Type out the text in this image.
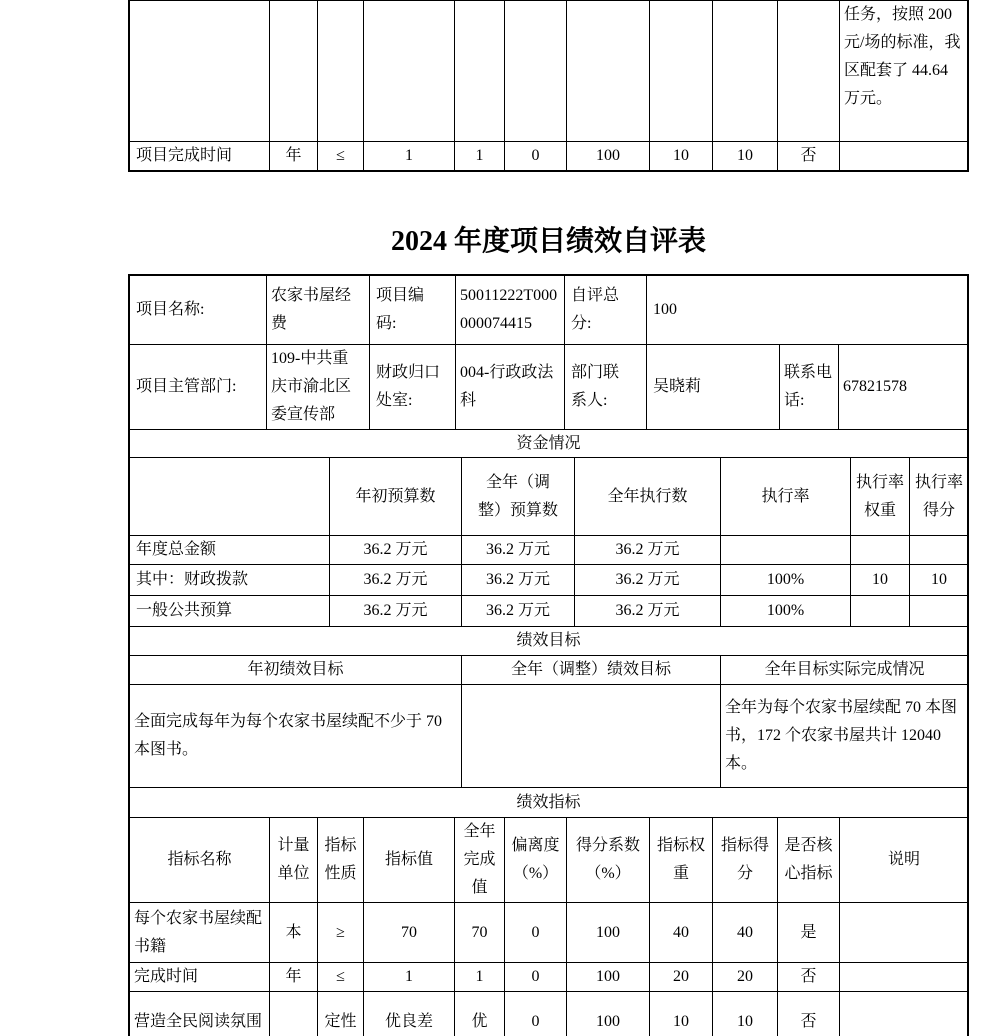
										任务，按照 200 元/场的标准，我区配套了 44.64 万元。
项目完成时间	年	≤	1	1	0	100	10	10	否	
2024 年度项目绩效自评表
项目名称:	农家书屋经费	项目编码:	50011222T000000074415	自评总分:	100		
项目主管部门:	109-中共重庆市渝北区委宣传部	财政归口处室:	004-行政政法科	部门联系人:	吴晓莉	联系电话:	67821578
资金情况
	年初预算数	全年（调整）预算数	全年执行数	执行率	执行率权重	执行率得分
年度总金额	36.2 万元	36.2 万元	36.2 万元			
其中：财政拨款	36.2 万元	36.2 万元	36.2 万元	100%	10	10
一般公共预算	36.2 万元	36.2 万元	36.2 万元	100%		
绩效目标
年初绩效目标	全年（调整）绩效目标	全年目标实际完成情况
全面完成每年为每个农家书屋续配不少于 70 本图书。		全年为每个农家书屋续配 70 本图书，172 个农家书屋共计 12040 本。
绩效指标
指标名称	计量单位	指标性质	指标值	全年完成值	偏离度（%）	得分系数（%）	指标权重	指标得分	是否核心指标	说明
每个农家书屋续配书籍	本	≥	70	70	0	100	40	40	是	
完成时间	年	≤	1	1	0	100	20	20	否	
营造全民阅读氛围		定性	优良差	优	0	100	10	10	否	
